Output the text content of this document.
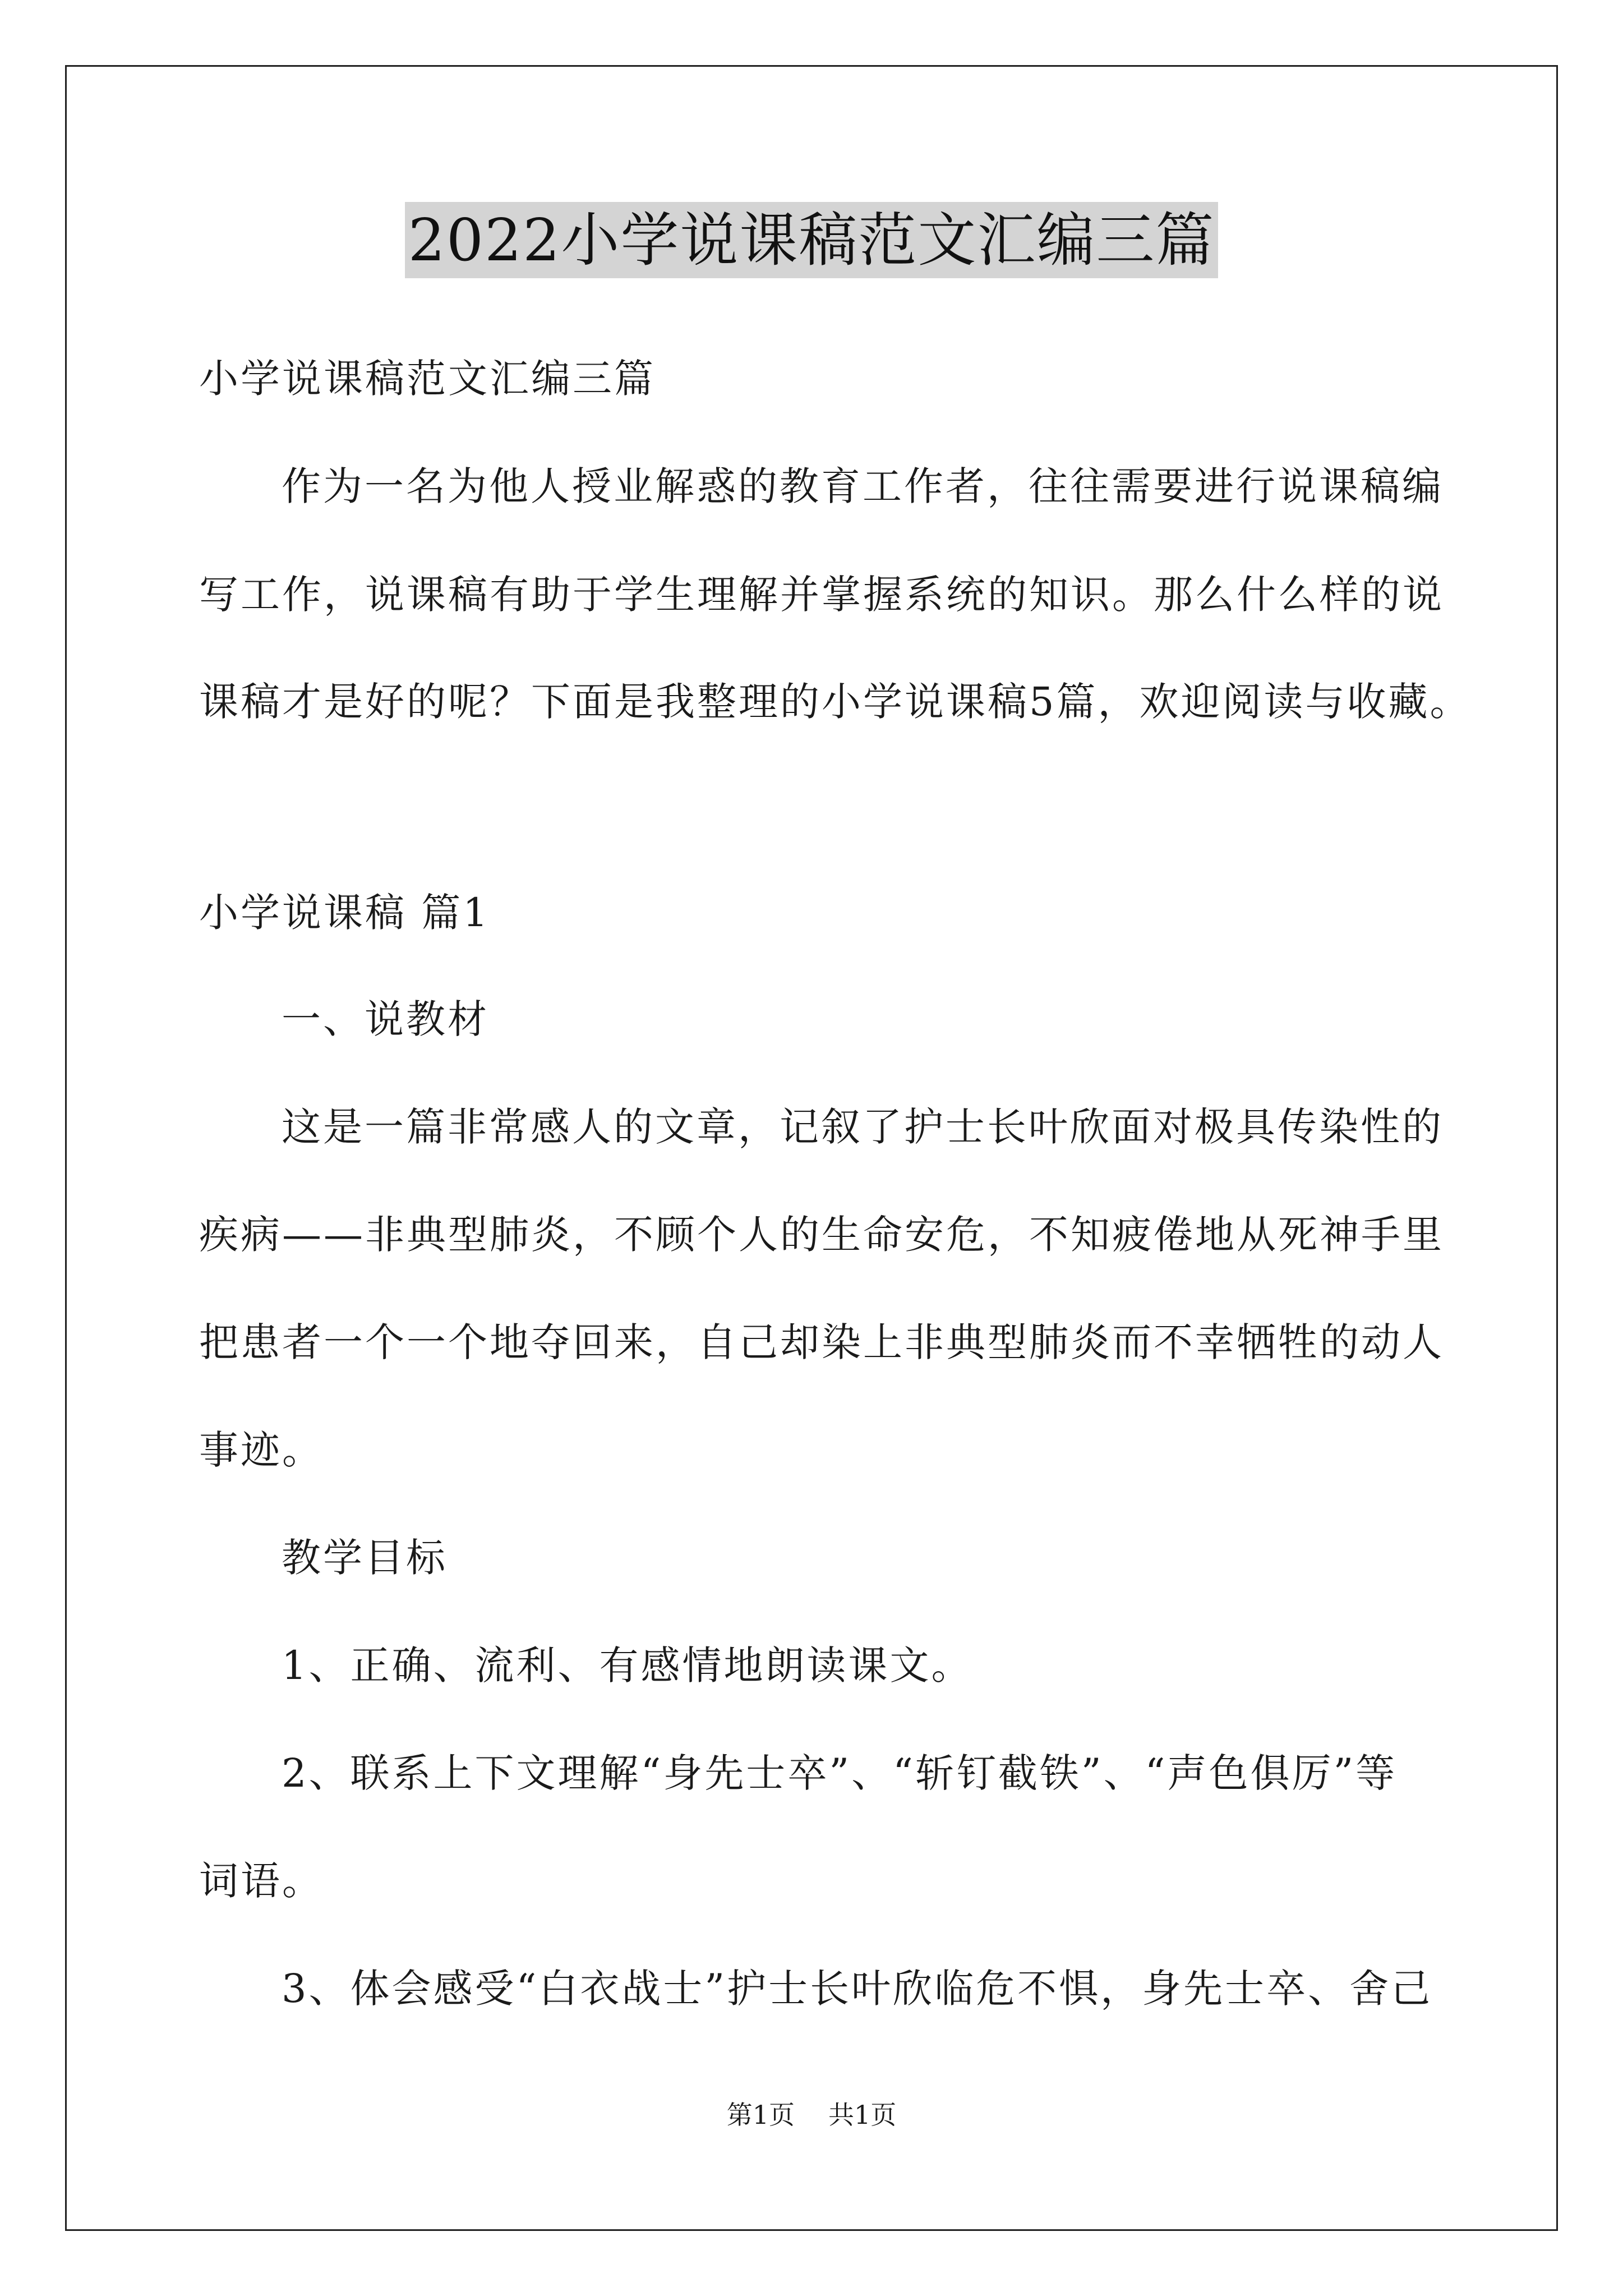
2022小学说课稿范文汇编三篇
小学说课稿范文汇编三篇
作为一名为他人授业解惑的教育工作者，往往需要进行说课稿编
写工作，说课稿有助于学生理解并掌握系统的知识。那么什么样的说
课稿才是好的呢？下面是我整理的小学说课稿5篇，欢迎阅读与收藏。
小学说课稿 篇1
一、说教材
这是一篇非常感人的文章，记叙了护士长叶欣面对极具传染性的
疾病——非典型肺炎，不顾个人的生命安危，不知疲倦地从死神手里
把患者一个一个地夺回来，自己却染上非典型肺炎而不幸牺牲的动人
事迹。
教学目标
1、正确、流利、有感情地朗读课文。
2、联系上下文理解“身先士卒”、“斩钉截铁”、“声色俱厉”等
词语。
3、体会感受“白衣战士”护士长叶欣临危不惧，身先士卒、舍己
第1页 共1页
